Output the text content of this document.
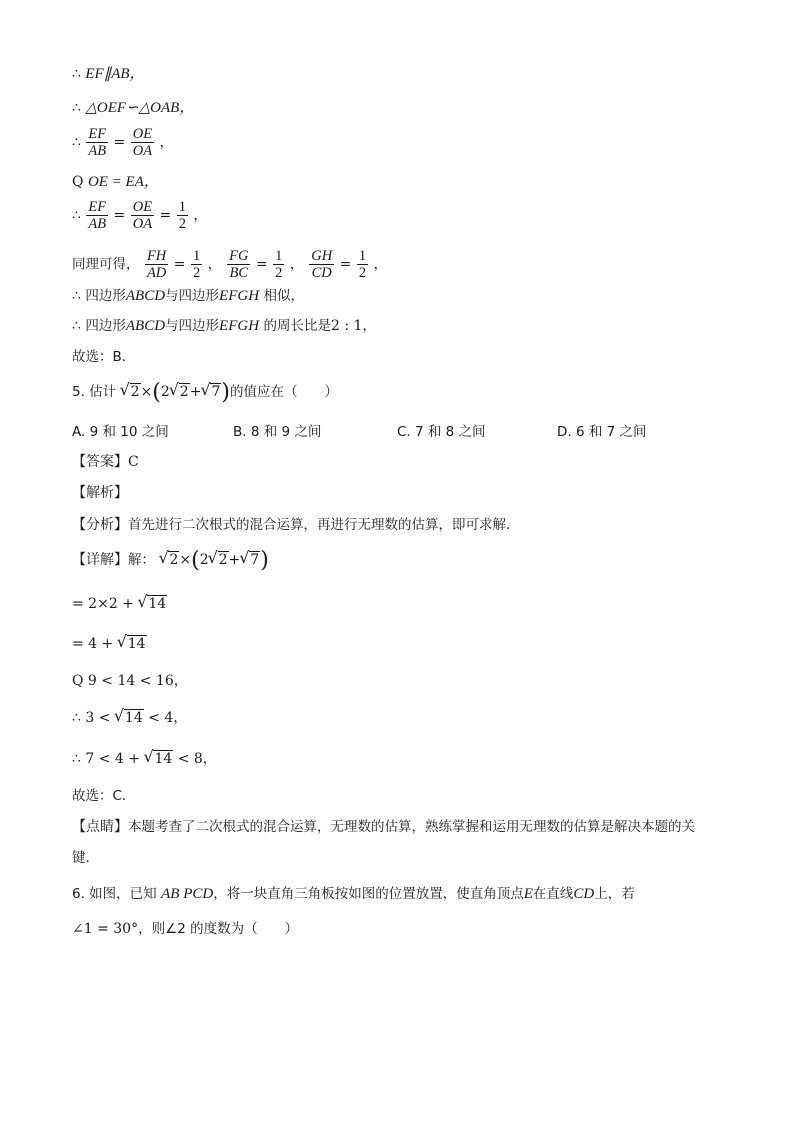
∴ EF∥AB，
∴ △OEF∽△OAB，
∴ $\frac{EF}{AB} = \frac{OE}{OA}$ ，
Q OE = EA，
∴ $\frac{EF}{AB} = \frac{OE}{OA} = \frac{1}{2}$ ，
同理可得， $\frac{FH}{AD} = \frac{1}{2}$ ， $\frac{FG}{BC} = \frac{1}{2}$ ， $\frac{GH}{CD} = \frac{1}{2}$ ，
∴ 四边形ABCD与四边形EFGH 相似，
∴ 四边形ABCD与四边形EFGH 的周长比是2 : 1，
故选：B．
5. 估计 √ 2×(2 √ 2+ √ 7)的值应在（　　）
A. 9 和 10 之间	B. 8 和 9 之间	C. 7 和 8 之间	D. 6 和 7 之间
【答案】C
【解析】
【分析】首先进行二次根式的混合运算，再进行无理数的估算，即可求解．
【详解】解： √ 2×(2 √ 2+ √ 7)
= 2×2 + √ 14
= 4 + √ 14
Q 9 < 14 < 16，
∴ 3 < √ 14 < 4，
∴ 7 < 4 + √ 14 < 8，
故选：C．
【点睛】本题考查了二次根式的混合运算，无理数的估算，熟练掌握和运用无理数的估算是解决本题的关
键．
6. 如图，已知 AB PCD，将一块直角三角板按如图的位置放置，使直角顶点E在直线CD上，若
∠1 = 30°，则∠2 的度数为（　　）
